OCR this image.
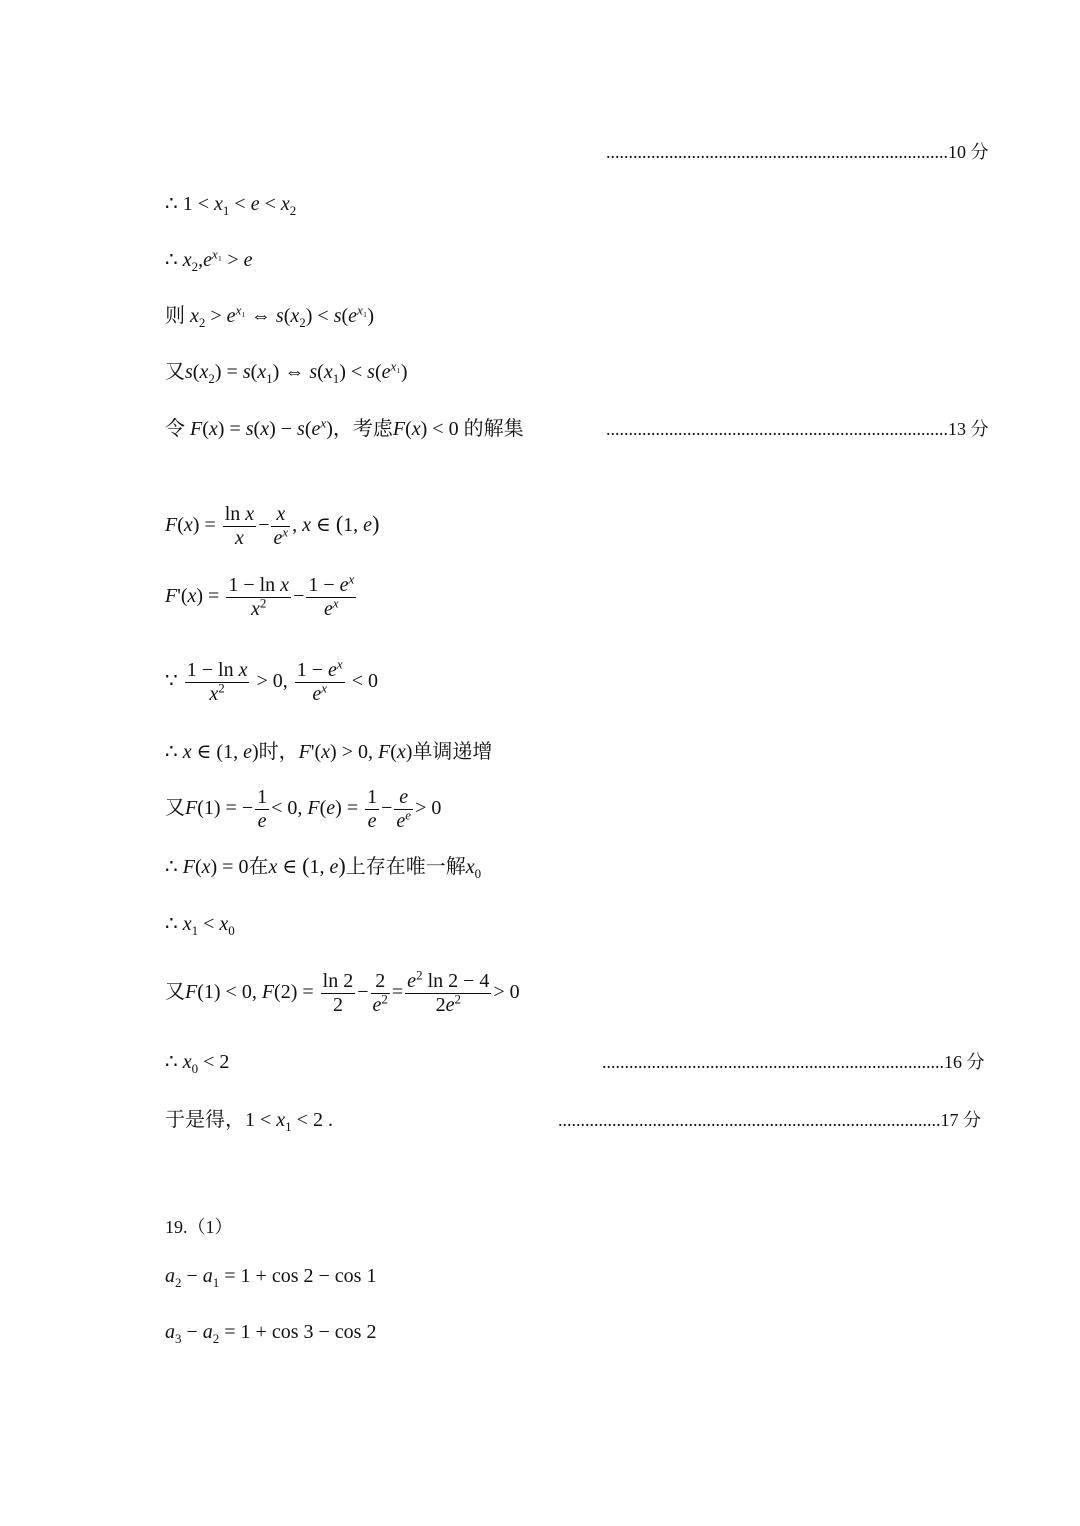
............................................................................10 分
∴ $1 < x_1 < e < x_2$
∴ $x_2,e^{x_1} > e$
则 $x_2 > e^{x_1}$ ⇔ $s(x_2) < s(e^{x_1})$
又$s(x_2) = s(x_1)$ ⇔ $s(x_1) < s(e^{x_1})$
令 $F(x) = s(x) - s(e^x)$，考虑F(x) < 0 的解集	............................................................................13 分
$F(x) = \frac{\text{ln x}}{x} - \frac{x}{e^x}$ , x ∈ (1, e)
$F'(x) = \frac{\text{1 − ln x}}{x^2} - \frac{1 - e^x}{e^x}$
∵ $\frac{\text{1 − ln x}}{x^2} > 0$, $\frac{1 - e^x}{e^x} < 0$
∴ x ∈ (1, e)时，F'(x) > 0, F(x)单调递增
又F(1) = − $\frac{1}{e} < 0$, $F(e) = \frac{1}{e} - \frac{e}{e^e} > 0$
∴ F(x) = 0在x ∈ (1, e)上存在唯一解$x_0$
∴ $x_1 < x_0$
又F(1) < 0, $F(2) = \frac{\ln 2}{2} - \frac{2}{e^2} = \frac{e^2 \ln 2 - 4}{2e^2} > 0$
∴ $x_0 < 2$	............................................................................16 分
于是得，$1 < x_1 < 2$ .	.....................................................................................17 分
19.（1）
$a_2 - a_1 = 1 + \cos 2 - \cos 1$
$a_3 - a_2 = 1 + \cos 3 - \cos 2$
